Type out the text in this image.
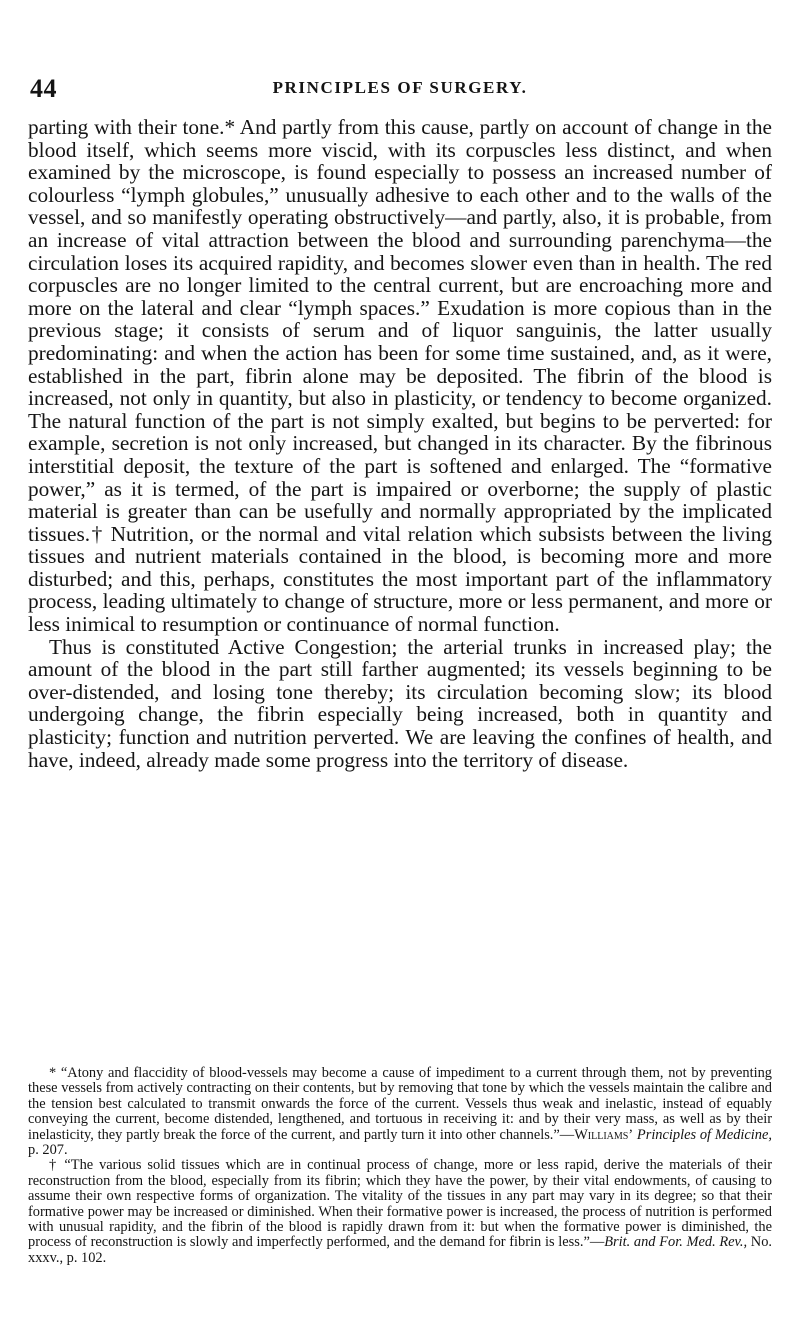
44	PRINCIPLES OF SURGERY.

parting with their tone.* And partly from this cause, partly on account of change in the blood itself, which seems more viscid, with its corpuscles less distinct, and when examined by the microscope, is found especially to possess an increased number of colourless “lymph globules,” unusually adhesive to each other and to the walls of the vessel, and so manifestly operating obstructively—and partly, also, it is probable, from an increase of vital attraction between the blood and surrounding parenchyma—the circulation loses its acquired rapidity, and becomes slower even than in health. The red corpuscles are no longer limited to the central current, but are encroaching more and more on the lateral and clear “lymph spaces.” Exudation is more copious than in the previous stage; it consists of serum and of liquor sanguinis, the latter usually predominating: and when the action has been for some time sustained, and, as it were, established in the part, fibrin alone may be deposited. The fibrin of the blood is increased, not only in quantity, but also in plasticity, or tendency to become organized. The natural function of the part is not simply exalted, but begins to be perverted: for example, secretion is not only increased, but changed in its character. By the fibrinous interstitial deposit, the texture of the part is softened and enlarged. The “formative power,” as it is termed, of the part is impaired or overborne; the supply of plastic material is greater than can be usefully and normally appropriated by the implicated tissues.† Nutrition, or the normal and vital relation which subsists between the living tissues and nutrient materials contained in the blood, is becoming more and more disturbed; and this, perhaps, constitutes the most important part of the inflammatory process, leading ultimately to change of structure, more or less permanent, and more or less inimical to resumption or continuance of normal function.

Thus is constituted Active Congestion; the arterial trunks in increased play; the amount of the blood in the part still farther augmented; its vessels beginning to be over-distended, and losing tone thereby; its circulation becoming slow; its blood undergoing change, the fibrin especially being increased, both in quantity and plasticity; function and nutrition perverted. We are leaving the confines of health, and have, indeed, already made some progress into the territory of disease.

* “Atony and flaccidity of blood-vessels may become a cause of impediment to a current through them, not by preventing these vessels from actively contracting on their contents, but by removing that tone by which the vessels maintain the calibre and the tension best calculated to transmit onwards the force of the current. Vessels thus weak and inelastic, instead of equably conveying the current, become distended, lengthened, and tortuous in receiving it: and by their very mass, as well as by their inelasticity, they partly break the force of the current, and partly turn it into other channels.”—Williams’ Principles of Medicine, p. 207.

† “The various solid tissues which are in continual process of change, more or less rapid, derive the materials of their reconstruction from the blood, especially from its fibrin; which they have the power, by their vital endowments, of causing to assume their own respective forms of organization. The vitality of the tissues in any part may vary in its degree; so that their formative power may be increased or diminished. When their formative power is increased, the process of nutrition is performed with unusual rapidity, and the fibrin of the blood is rapidly drawn from it: but when the formative power is diminished, the process of reconstruction is slowly and imperfectly performed, and the demand for fibrin is less.”—Brit. and For. Med. Rev., No. xxxv., p. 102.
